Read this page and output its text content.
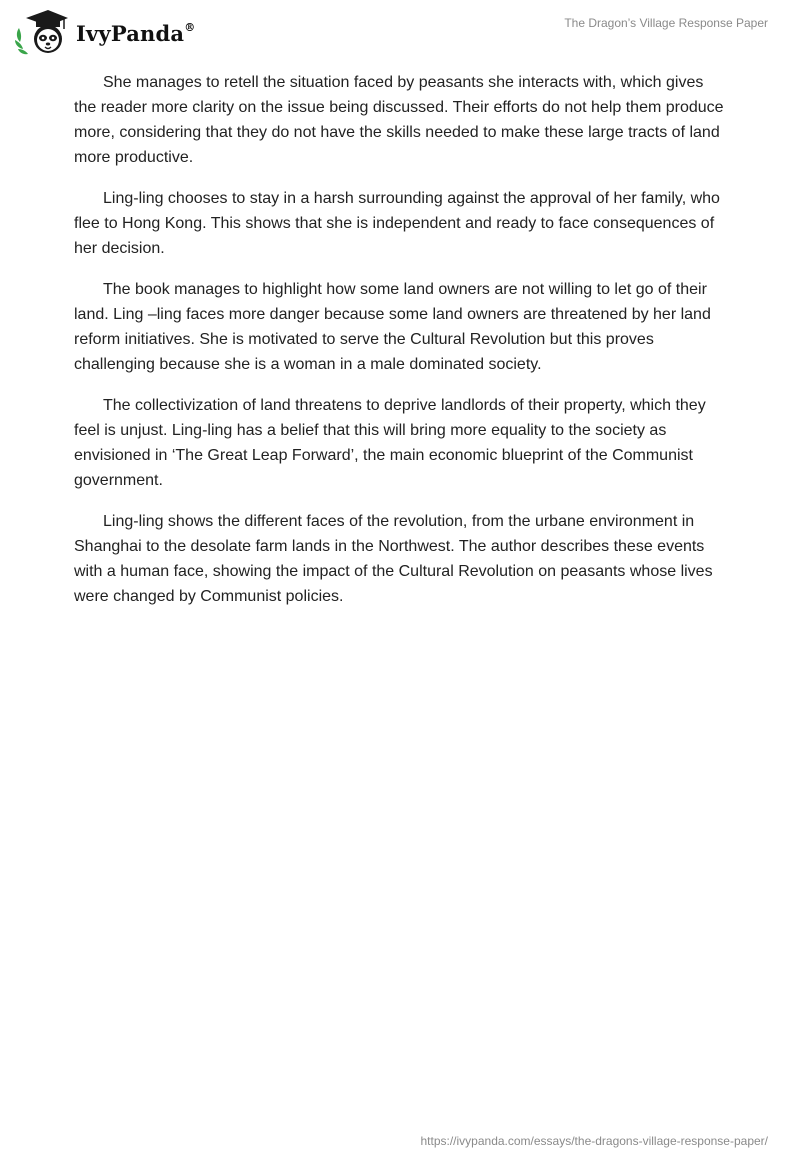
IvyPanda®	The Dragon’s Village Response Paper

She manages to retell the situation faced by peasants she interacts with, which gives the reader more clarity on the issue being discussed. Their efforts do not help them produce more, considering that they do not have the skills needed to make these large tracts of land more productive.

Ling-ling chooses to stay in a harsh surrounding against the approval of her family, who flee to Hong Kong. This shows that she is independent and ready to face consequences of her decision.

The book manages to highlight how some land owners are not willing to let go of their land. Ling –ling faces more danger because some land owners are threatened by her land reform initiatives. She is motivated to serve the Cultural Revolution but this proves challenging because she is a woman in a male dominated society.

The collectivization of land threatens to deprive landlords of their property, which they feel is unjust. Ling-ling has a belief that this will bring more equality to the society as envisioned in ‘The Great Leap Forward’, the main economic blueprint of the Communist government.

Ling-ling shows the different faces of the revolution, from the urbane environment in Shanghai to the desolate farm lands in the Northwest. The author describes these events with a human face, showing the impact of the Cultural Revolution on peasants whose lives were changed by Communist policies.

https://ivypanda.com/essays/the-dragons-village-response-paper/
